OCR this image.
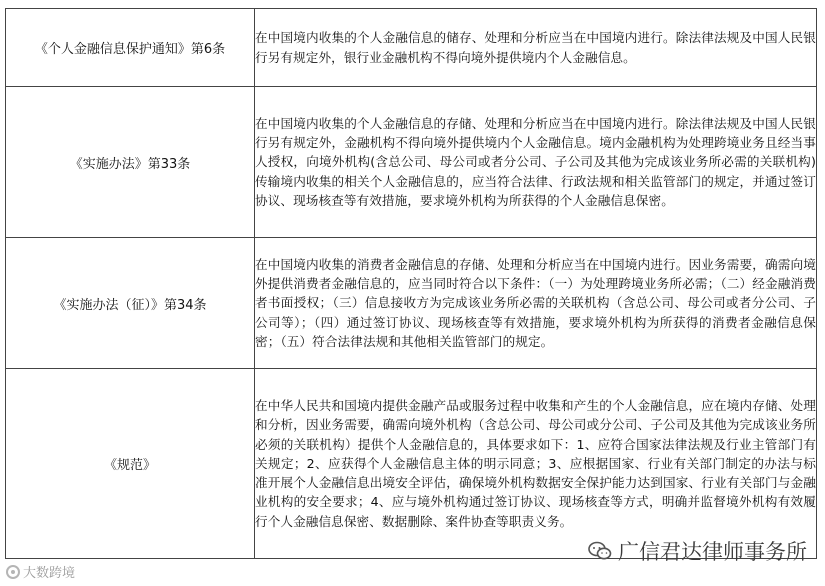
《个人金融信息保护通知》第6条	在中国境内收集的个人金融信息的储存、处理和分析应当在中国境内进行。除法律法规及中国人民银行另有规定外，银行业金融机构不得向境外提供境内个人金融信息。
《实施办法》第33条	在中国境内收集的个人金融信息的存储、处理和分析应当在中国境内进行。除法律法规及中国人民银行另有规定外，金融机构不得向境外提供境内个人金融信息。境内金融机构为处理跨境业务且经当事人授权，向境外机构(含总公司、母公司或者分公司、子公司及其他为完成该业务所必需的关联机构)传输境内收集的相关个人金融信息的，应当符合法律、行政法规和相关监管部门的规定，并通过签订协议、现场核查等有效措施，要求境外机构为所获得的个人金融信息保密。
《实施办法（征）》第34条	在中国境内收集的消费者金融信息的存储、处理和分析应当在中国境内进行。因业务需要，确需向境外提供消费者金融信息的，应当同时符合以下条件：（一）为处理跨境业务所必需；（二）经金融消费者书面授权；（三）信息接收方为完成该业务所必需的关联机构（含总公司、母公司或者分公司、子公司等）；（四）通过签订协议、现场核查等有效措施，要求境外机构为所获得的消费者金融信息保密；（五）符合法律法规和其他相关监管部门的规定。
《规范》	在中华人民共和国境内提供金融产品或服务过程中收集和产生的个人金融信息，应在境内存储、处理和分析，因业务需要，确需向境外机构（含总公司、母公司或分公司、子公司及其他为完成该业务所必须的关联机构）提供个人金融信息的，具体要求如下：1、应符合国家法律法规及行业主管部门有关规定；2、应获得个人金融信息主体的明示同意；3、应根据国家、行业有关部门制定的办法与标准开展个人金融信息出境安全评估，确保境外机构数据安全保护能力达到国家、行业有关部门与金融业机构的安全要求；4、应与境外机构通过签订协议、现场核查等方式，明确并监督境外机构有效履行个人金融信息保密、数据删除、案件协查等职责义务。
大数跨境
广信君达律师事务所
